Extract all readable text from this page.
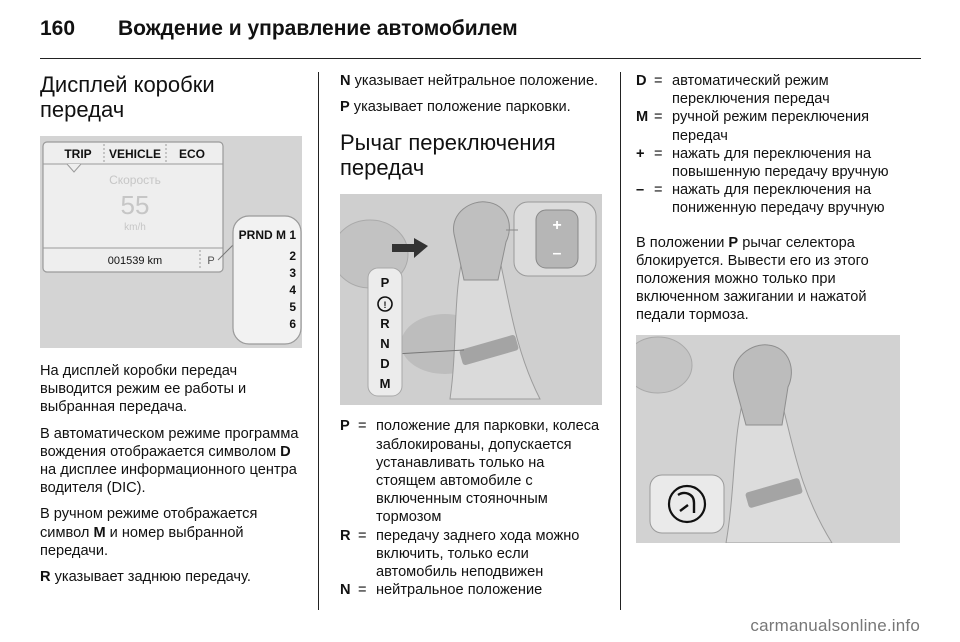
160	Вождение и управление автомобилем
Дисплей коробки передач
TRIP VEHICLE ECO
Скорость
55
km/h
001539 km	P
PRND M 1
2
3
4
5
6

На дисплей коробки передач выводится режим ее работы и выбранная передача.

В автоматическом режиме программа вождения отображается символом D на дисплее информационного центра водителя (DIC).

В ручном режиме отображается символ M и номер выбранной передачи.

R указывает заднюю передачу.

N указывает нейтральное положение.

P указывает положение парковки.

Рычаг переключения передач
+
–
P
!
R
N
D
M
P = положение для парковки, колеса заблокированы, допускается устанавливать только на стоящем автомобиле с включенным стояночным тормозом
R = передачу заднего хода можно включить, только если автомобиль неподвижен
N = нейтральное положение
D = автоматический режим переключения передач
M = ручной режим переключения передач
+ = нажать для переключения на повышенную передачу вручную
– = нажать для переключения на пониженную передачу вручную

В положении P рычаг селектора блокируется. Вывести его из этого положения можно только при включенном зажигании и нажатой педали тормоза.

carmanualsonline.info
